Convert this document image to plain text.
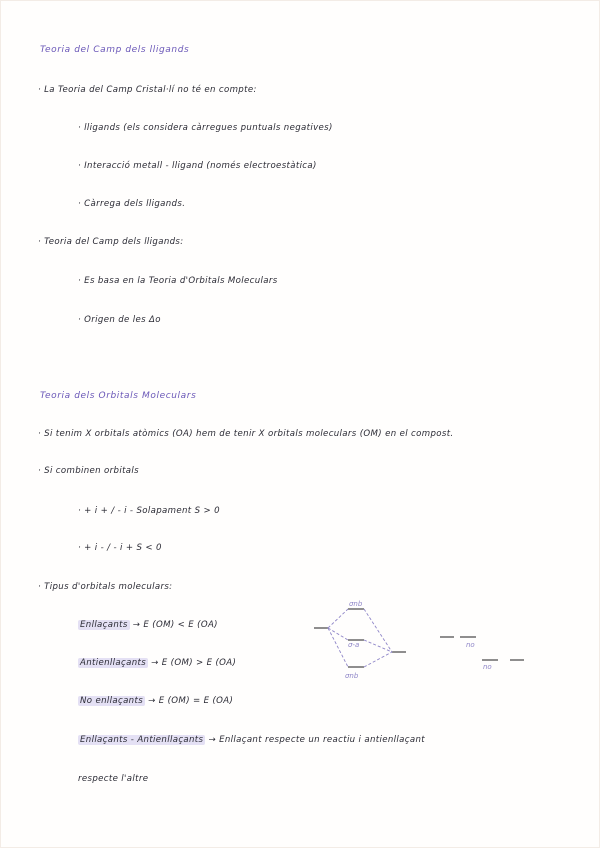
Teoria del Camp dels lligands
· La Teoria del Camp Cristal·lí no té en compte:
· lligands (els considera càrregues puntuals negatives)
· Interacció metall - lligand (només electroestàtica)
· Càrrega dels lligands.
· Teoria del Camp dels lligands:
· Es basa en la Teoria d'Orbitals Moleculars
· Origen de les Δo
Teoria dels Orbitals Moleculars
· Si tenim X orbitals atòmics (OA) hem de tenir X orbitals moleculars (OM) en el compost.
· Si combinen orbitals
· + i + / - i - Solapament S > 0
· + i - / - i + S < 0
· Tipus d'orbitals moleculars:
Enllaçants → E (OM) < E (OA)
Antienllaçants → E (OM) > E (OA)
No enllaçants → E (OM) = E (OA)
Enllaçants - Antienllaçants → Enllaçant respecte un reactiu i antienllaçant
respecte l'altre
σnb
σ-a
σnb
no
no
